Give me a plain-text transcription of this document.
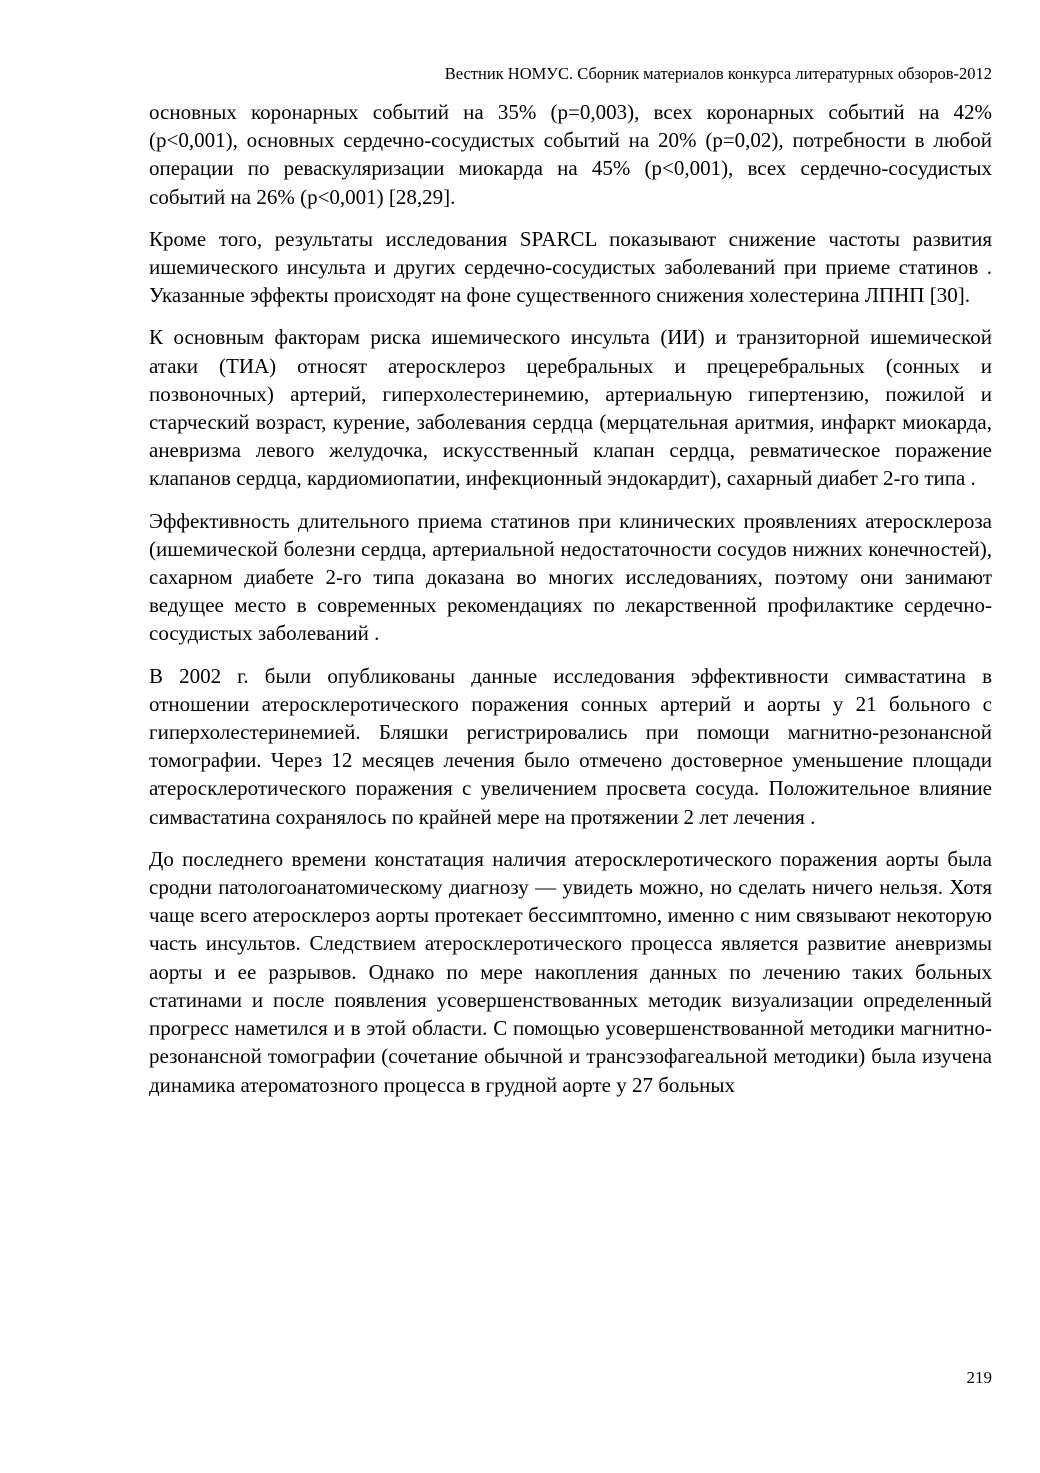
Вестник НОМУС. Сборник материалов конкурса литературных обзоров-2012

основных коронарных событий на 35% (p=0,003), всех коронарных событий на 42% (p<0,001), основных сердечно-сосудистых событий на 20% (p=0,02), потребности в любой операции по реваскуляризации миокарда на 45% (p<0,001), всех сердечно-сосудистых событий на 26% (p<0,001) [28,29].

Кроме того, результаты исследования SPARCL показывают снижение частоты развития ишемического инсульта и других сердечно-сосудистых заболеваний при приеме статинов . Указанные эффекты происходят на фоне существенного снижения холестерина ЛПНП [30].

К основным факторам риска ишемического инсульта (ИИ) и транзиторной ишемической атаки (ТИА) относят атеросклероз церебральных и прецеребральных (сонных и позвоночных) артерий, гиперхолестеринемию, артериальную гипертензию, пожилой и старческий возраст, курение, заболевания сердца (мерцательная аритмия, инфаркт миокарда, аневризма левого желудочка, искусственный клапан сердца, ревматическое поражение клапанов сердца, кардиомиопатии, инфекционный эндокардит), сахарный диабет 2-го типа .

Эффективность длительного приема статинов при клинических проявлениях атеросклероза (ишемической болезни сердца, артериальной недостаточности сосудов нижних конечностей), сахарном диабете 2-го типа доказана во многих исследованиях, поэтому они занимают ведущее место в современных рекомендациях по лекарственной профилактике сердечно-сосудистых заболеваний .

В 2002 г. были опубликованы данные исследования эффективности симвастатина в отношении атеросклеротического поражения сонных артерий и аорты у 21 больного с гиперхолестеринемией. Бляшки регистрировались при помощи магнитно-резонансной томографии. Через 12 месяцев лечения было отмечено достоверное уменьшение площади атеросклеротического поражения с увеличением просвета сосуда. Положительное влияние симвастатина сохранялось по крайней мере на протяжении 2 лет лечения .

До последнего времени констатация наличия атеросклеротического поражения аорты была сродни патологоанатомическому диагнозу — увидеть можно, но сделать ничего нельзя. Хотя чаще всего атеросклероз аорты протекает бессимптомно, именно с ним связывают некоторую часть инсультов. Следствием атеросклеротического процесса является развитие аневризмы аорты и ее разрывов. Однако по мере накопления данных по лечению таких больных статинами и после появления усовершенствованных методик визуализации определенный прогресс наметился и в этой области. С помощью усовершенствованной методики магнитно-резонансной томографии (сочетание обычной и трансэзофагеальной методики) была изучена динамика атероматозного процесса в грудной аорте у 27 больных

219
